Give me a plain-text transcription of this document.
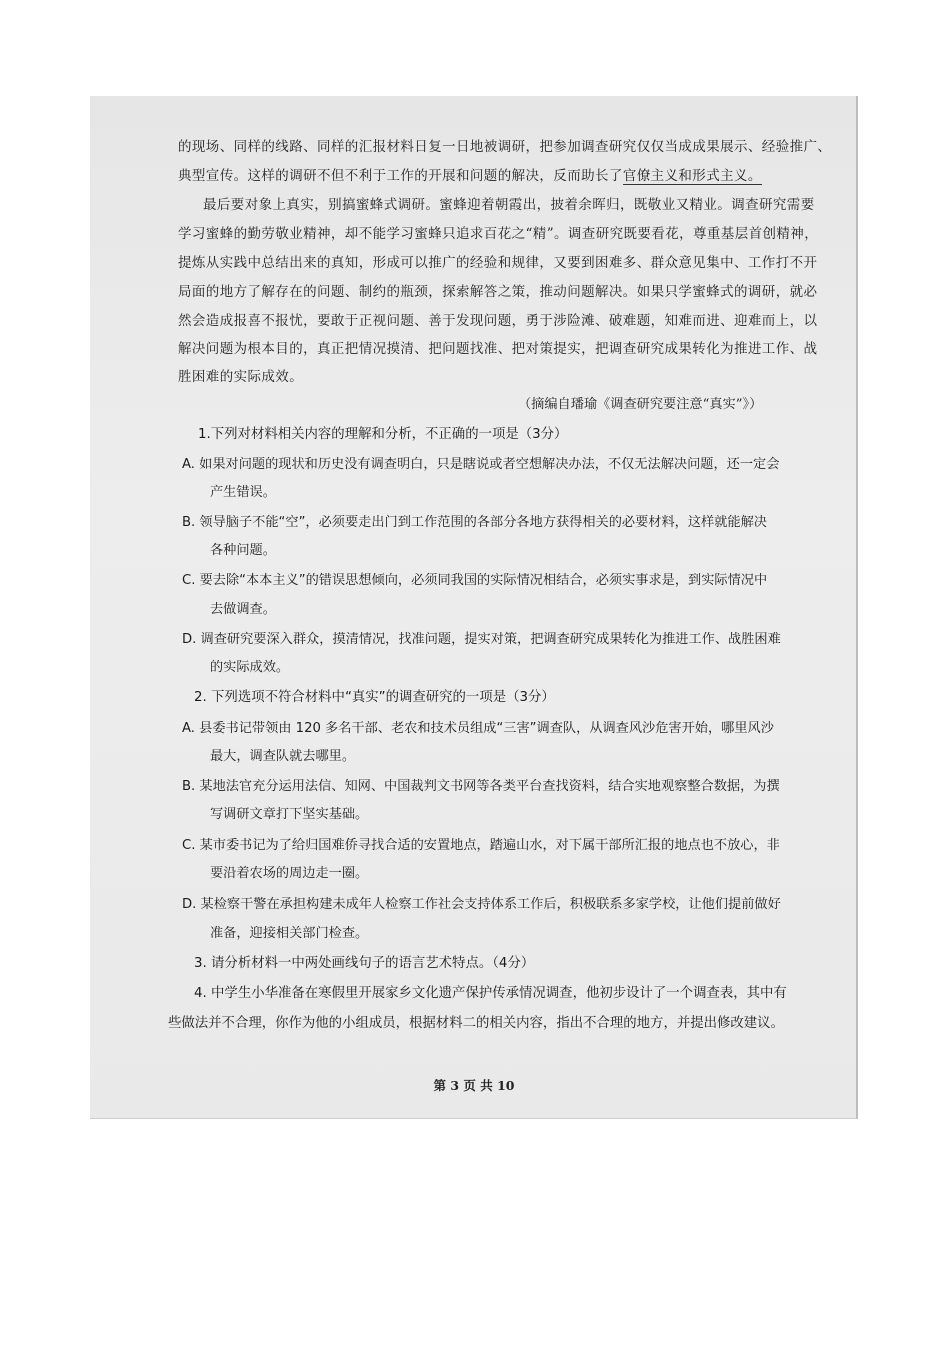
的现场、同样的线路、同样的汇报材料日复一日地被调研，把参加调查研究仅仅当成成果展示、经验推广、
典型宣传。这样的调研不但不利于工作的开展和问题的解决，反而助长了官僚主义和形式主义。
最后要对象上真实，别搞蜜蜂式调研。蜜蜂迎着朝霞出，披着余晖归，既敬业又精业。调查研究需要
学习蜜蜂的勤劳敬业精神，却不能学习蜜蜂只追求百花之“精”。调查研究既要看花，尊重基层首创精神，
提炼从实践中总结出来的真知，形成可以推广的经验和规律，又要到困难多、群众意见集中、工作打不开
局面的地方了解存在的问题、制约的瓶颈，探索解答之策，推动问题解决。如果只学蜜蜂式的调研，就必
然会造成报喜不报忧，要敢于正视问题、善于发现问题，勇于涉险滩、破难题，知难而进、迎难而上，以
解决问题为根本目的，真正把情况摸清、把问题找准、把对策提实，把调查研究成果转化为推进工作、战
胜困难的实际成效。
（摘编自璠瑜《调查研究要注意“真实”》）
1.下列对材料相关内容的理解和分析，不正确的一项是（3分）
A. 如果对问题的现状和历史没有调查明白，只是瞎说或者空想解决办法，不仅无法解决问题，还一定会
产生错误。
B. 领导脑子不能“空”，必须要走出门到工作范围的各部分各地方获得相关的必要材料，这样就能解决
各种问题。
C. 要去除“本本主义”的错误思想倾向，必须同我国的实际情况相结合，必须实事求是，到实际情况中
去做调查。
D. 调查研究要深入群众，摸清情况，找准问题，提实对策，把调查研究成果转化为推进工作、战胜困难
的实际成效。
2. 下列选项不符合材料中“真实”的调查研究的一项是（3分）
A. 县委书记带领由 120 多名干部、老农和技术员组成“三害”调查队，从调查风沙危害开始，哪里风沙
最大，调查队就去哪里。
B. 某地法官充分运用法信、知网、中国裁判文书网等各类平台查找资料，结合实地观察整合数据，为撰
写调研文章打下坚实基础。
C. 某市委书记为了给归国难侨寻找合适的安置地点，踏遍山水，对下属干部所汇报的地点也不放心，非
要沿着农场的周边走一圈。
D. 某检察干警在承担构建未成年人检察工作社会支持体系工作后，积极联系多家学校，让他们提前做好
准备，迎接相关部门检查。
3. 请分析材料一中两处画线句子的语言艺术特点。（4分）
4. 中学生小华准备在寒假里开展家乡文化遗产保护传承情况调查，他初步设计了一个调查表，其中有
些做法并不合理，你作为他的小组成员，根据材料二的相关内容，指出不合理的地方，并提出修改建议。
第 3 页 共 10
